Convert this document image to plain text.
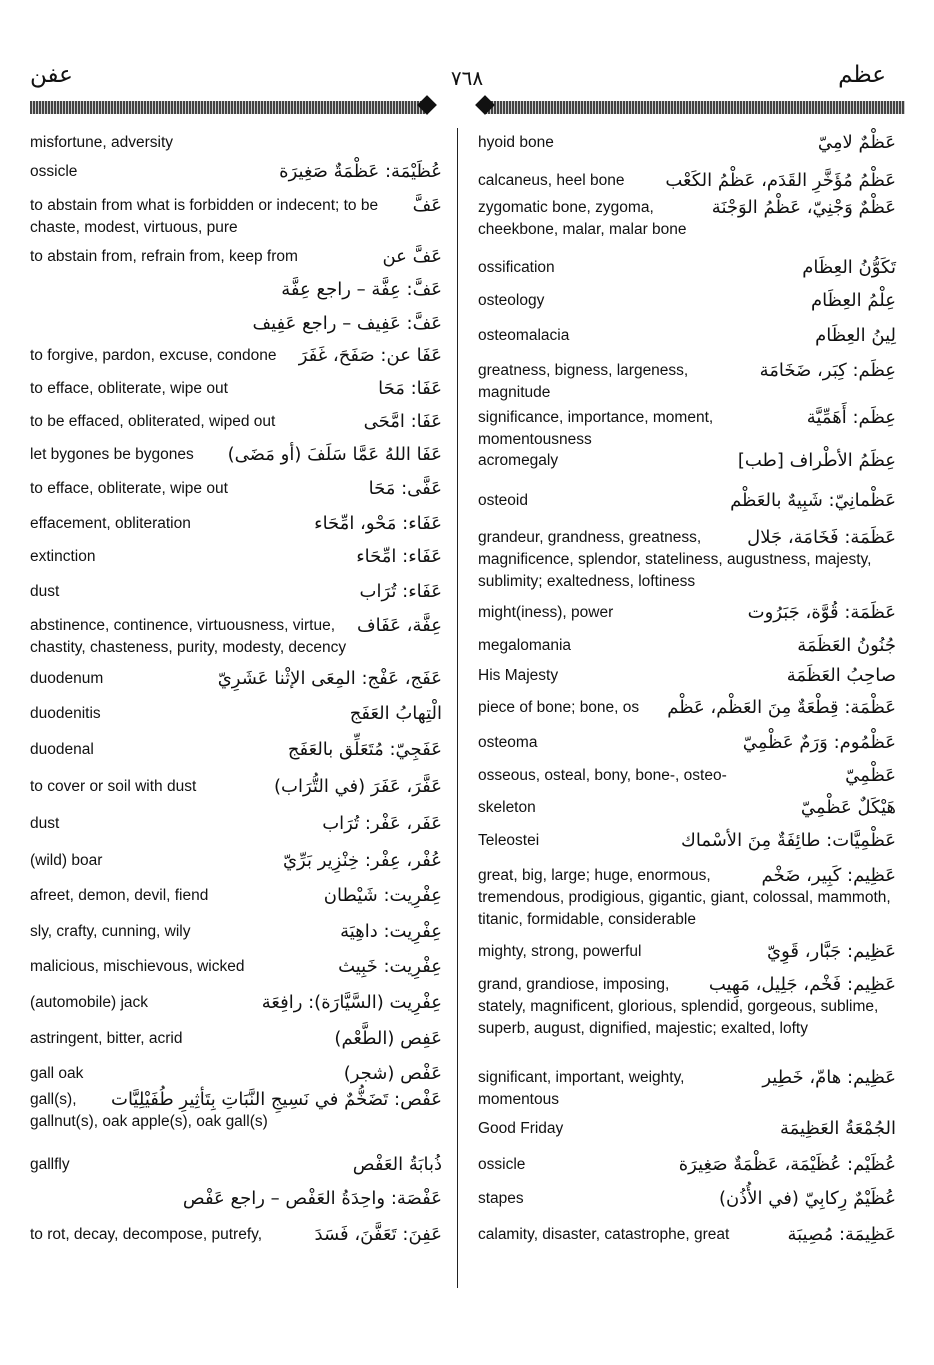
عفن	٧٦٨	عظم
misfortune, adversity
عُظَيْمَة: عَظْمَةٌ صَغِيرَة
ossicle
عَفَّ
to abstain from what is forbidden or indecent; to be chaste, modest, virtuous, pure
عَفَّ عن
to abstain from, refrain from, keep from
عَفَّ: عِفَّة – راجع عِفَّة
عَفَّ: عَفِيف – راجع عَفِيف
عَفَا عن: صَفَحَ، غَفَرَ
to forgive, pardon, excuse, condone
عَفَا: مَحَا
to efface, obliterate, wipe out
عَفَا: امَّحَى
to be effaced, obliterated, wiped out
عَفَا اللهُ عَمَّا سَلَفَ (أو مَضَى)
let bygones be bygones
عَفَّى: مَحَا
to efface, obliterate, wipe out
عَفَاء: مَحْو، امِّحَاء
effacement, obliteration
عَفَاء: امِّحَاء
extinction
عَفَاء: تُرَاب
dust
عِفَّة، عَفَاف
abstinence, continence, virtuousness, virtue, chastity, chasteness, purity, modesty, decency
عَفَج، عَفْج: المِعَى الإثْنا عَشَرِيّ
duodenum
الْتِهابُ العَفَج
duodenitis
عَفَجِيّ: مُتَعَلِّق بالعَفَج
duodenal
عَفَّرَ، عَفَرَ (في التُّرَاب)
to cover or soil with dust
عَفَر، عَفْر: تُرَاب
dust
عُفْر، عِفْر: خِنْزِير بَرِّيّ
(wild) boar
عِفْرِيت: شَيْطان
afreet, demon, devil, fiend
عِفْرِيت: داهِيَة
sly, crafty, cunning, wily
عِفْرِيت: خَبِيث
malicious, mischievous, wicked
عِفْرِيت (السَّيَّارَة): رافِعَة
(automobile) jack
عَفِص (الطَّعْم)
astringent, bitter, acrid
عَفْص (شجر)
gall oak
عَفْص: تَضَخُّمٌ في نَسِيجِ النَّبَاتِ بِتَأثِيرِ طُفَيْلِيَّات
gall(s), gallnut(s), oak apple(s), oak gall(s)
ذُبابَةُ العَفْص
gallfly
عَفْصَة: واحِدَةُ العَفْص – راجع عَفْص
عَفِنَ: تَعَفَّنَ، فَسَدَ
to rot, decay, decompose, putrefy,
عَظْمٌ لامِيّ
hyoid bone
عَظْمُ مُؤَخَّرِ القَدَم، عَظْمُ الكَعْب
calcaneus, heel bone
عَظْمٌ وَجْنِيّ، عَظْمُ الوَجْنَة
zygomatic bone, zygoma, cheekbone, malar, malar bone
تَكَوُّنُ العِظَام
ossification
عِلْمُ العِظَام
osteology
لِينُ العِظَام
osteomalacia
عِظَم: كِبَر، ضَخَامَة
greatness, bigness, largeness, magnitude
عِظَم: أَهَمِّيَّة
significance, importance, moment, momentousness
عِظَمُ الأطْراف [طب]
acromegaly
عَظْمانِيّ: شَبِيهٌ بالعَظْم
osteoid
عَظَمَة: فَخَامَة، جَلال
grandeur, grandness, greatness, magnificence, splendor, stateliness, augustness, majesty, sublimity; exaltedness, loftiness
عَظَمَة: قُوَّة، جَبَرُوت
might(iness), power
جُنُونُ العَظَمَة
megalomania
صاحِبُ العَظَمَة
His Majesty
عَظْمَة: قِطْعَةٌ مِنَ العَظْم، عَظْم
piece of bone; bone, os
عَظْمُوم: وَرَمٌ عَظْمِيّ
osteoma
عَظْمِيّ
osseous, osteal, bony, bone-, osteo-
هَيْكَلٌ عَظْمِيّ
skeleton
عَظْمِيَّات: طائِفَةٌ مِنَ الأسْماك
Teleostei
عَظِيم: كَبِير، ضَخْم
great, big, large; huge, enormous, tremendous, prodigious, gigantic, giant, colossal, mammoth, titanic, formidable, considerable
عَظِيم: جَبَّار، قَوِيّ
mighty, strong, powerful
عَظِيم: فَخْم، جَلِيل، مَهِيب
grand, grandiose, imposing, stately, magnificent, glorious, splendid, gorgeous, sublime, superb, august, dignified, majestic; exalted, lofty
عَظِيم: هامّ، خَطِير
significant, important, weighty, momentous
الجُمْعَةُ العَظِيمَة
Good Friday
عُظَيْم: عُظَيْمَة، عَظْمَةٌ صَغِيرَة
ossicle
عُظَيْمٌ رِكابِيّ (في الأُذُن)
stapes
عَظِيمَة: مُصِيبَة
calamity, disaster, catastrophe, great
